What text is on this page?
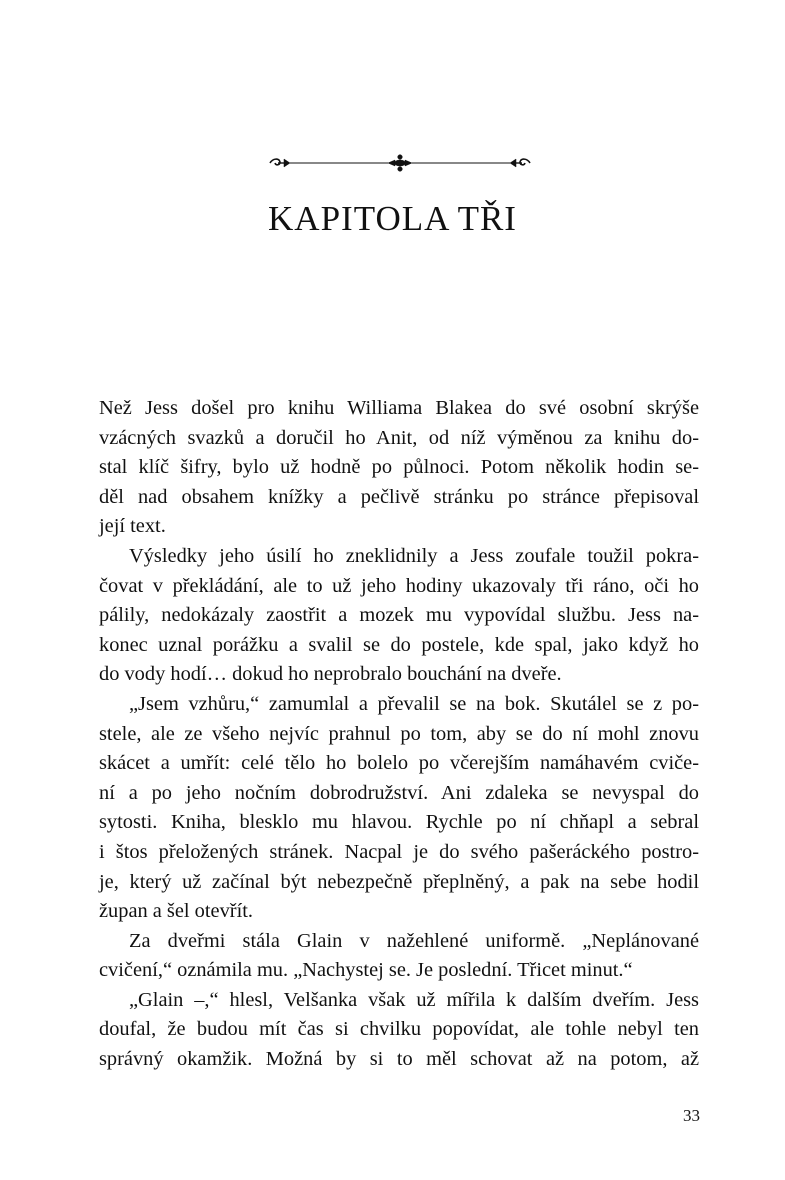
KAPITOLA TŘI
Než Jess došel pro knihu Williama Blakea do své osobní skrýše
vzácných svazků a doručil ho Anit, od níž výměnou za knihu do-
stal klíč šifry, bylo už hodně po půlnoci. Potom několik hodin se-
děl nad obsahem knížky a pečlivě stránku po stránce přepisoval
její text.
Výsledky jeho úsilí ho zneklidnily a Jess zoufale toužil pokra-
čovat v překládání, ale to už jeho hodiny ukazovaly tři ráno, oči ho
pálily, nedokázaly zaostřit a mozek mu vypovídal službu. Jess na-
konec uznal porážku a svalil se do postele, kde spal, jako když ho
do vody hodí… dokud ho neprobralo bouchání na dveře.
„Jsem vzhůru,“ zamumlal a převalil se na bok. Skutálel se z po-
stele, ale ze všeho nejvíc prahnul po tom, aby se do ní mohl znovu
skácet a umřít: celé tělo ho bolelo po včerejším namáhavém cviče-
ní a po jeho nočním dobrodružství. Ani zdaleka se nevyspal do
sytosti. Kniha, blesklo mu hlavou. Rychle po ní chňapl a sebral
i štos přeložených stránek. Nacpal je do svého pašeráckého postro-
je, který už začínal být nebezpečně přeplněný, a pak na sebe hodil
župan a šel otevřít.
Za dveřmi stála Glain v nažehlené uniformě. „Neplánované
cvičení,“ oznámila mu. „Nachystej se. Je poslední. Třicet minut.“
„Glain –,“ hlesl, Velšanka však už mířila k dalším dveřím. Jess
doufal, že budou mít čas si chvilku popovídat, ale tohle nebyl ten
správný okamžik. Možná by si to měl schovat až na potom, až
33
